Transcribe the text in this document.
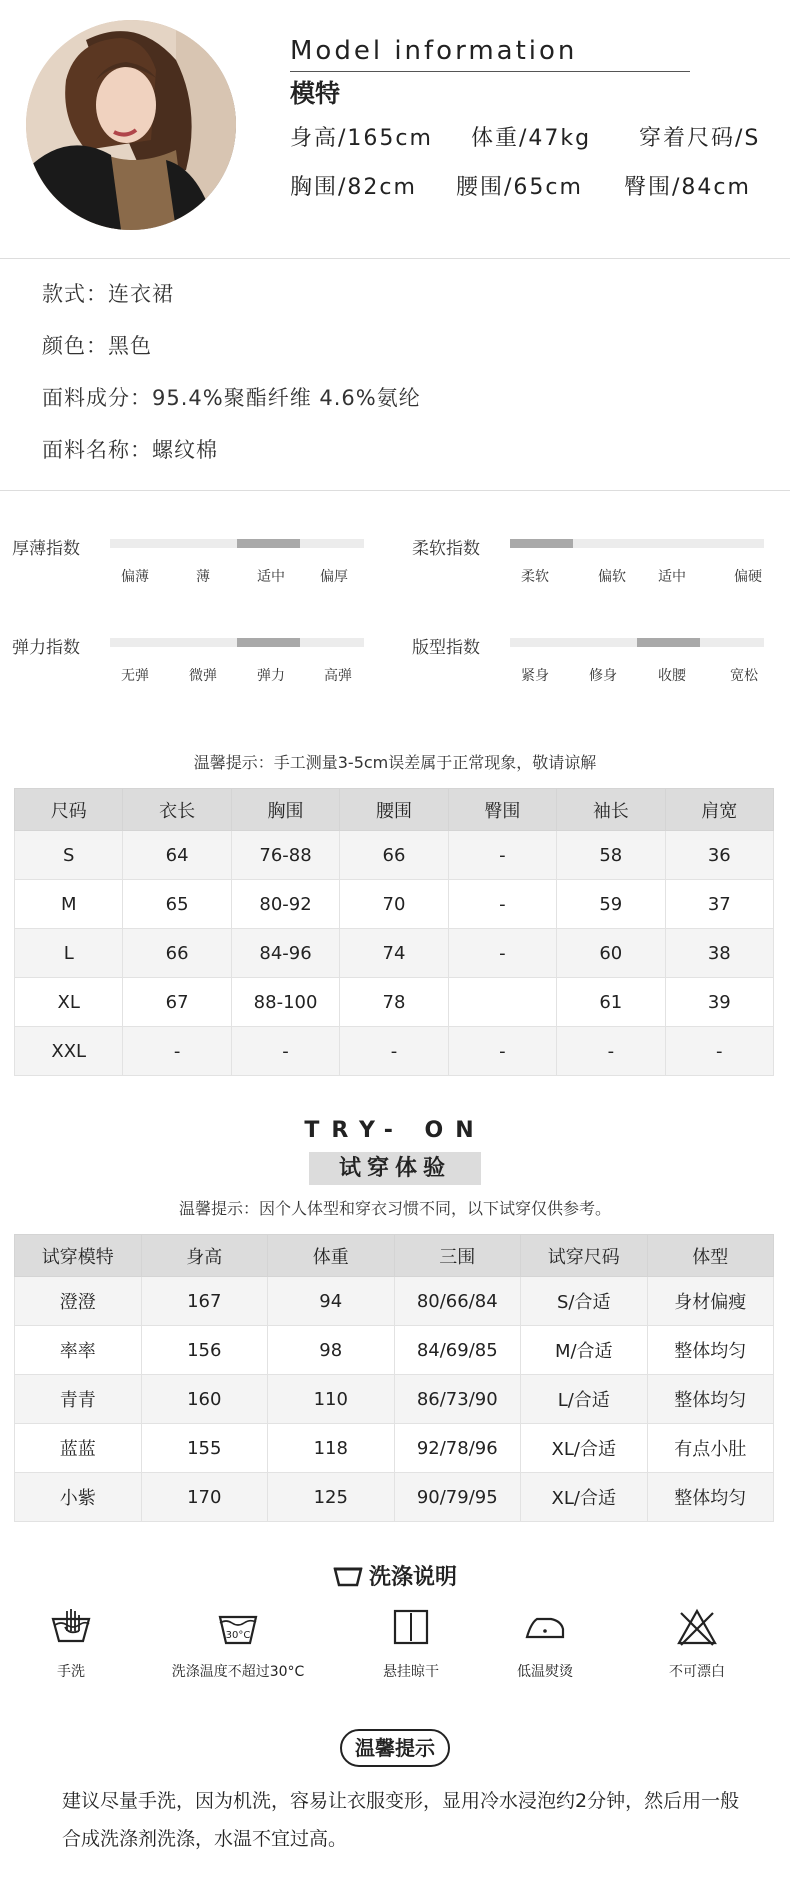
Model information
模特
身高/165cm 体重/47kg 穿着尺码/S
胸围/82cm 腰围/65cm 臀围/84cm
款式：连衣裙
颜色：黑色
面料成分：95.4%聚酯纤维 4.6%氨纶
面料名称：螺纹棉
厚薄指数
偏薄	薄	适中	偏厚
柔软指数
柔软	偏软 适中	偏硬
弹力指数
无弹	微弹	弹力	高弹
版型指数
紧身	修身	收腰	宽松
温馨提示：手工测量3-5cm误差属于正常现象，敬请谅解
尺码	衣长	胸围	腰围	臀围	袖长	肩宽
S	64	76-88	66	-	58	36
M	65	80-92	70	-	59	37
L	66	84-96	74	-	60	38
XL	67	88-100	78		61	39
XXL	-	-	-	-	-	-
TRY- ON
试穿体验
温馨提示：因个人体型和穿衣习惯不同，以下试穿仅供参考。
试穿模特	身高	体重	三围	试穿尺码	体型
澄澄	167	94	80/66/84	S/合适	身材偏瘦
率率	156	98	84/69/85	M/合适	整体均匀
青青	160	110	86/73/90	L/合适	整体均匀
蓝蓝	155	118	92/78/96	XL/合适	有点小肚
小紫	170	125	90/79/95	XL/合适	整体均匀
洗涤说明
手洗
30°C
洗涤温度不超过30°C	悬挂晾干	低温熨烫	不可漂白
温馨提示
建议尽量手洗，因为机洗，容易让衣服变形，显用冷水浸泡约2分钟，然后用一般合成洗涤剂洗涤，水温不宜过高。
